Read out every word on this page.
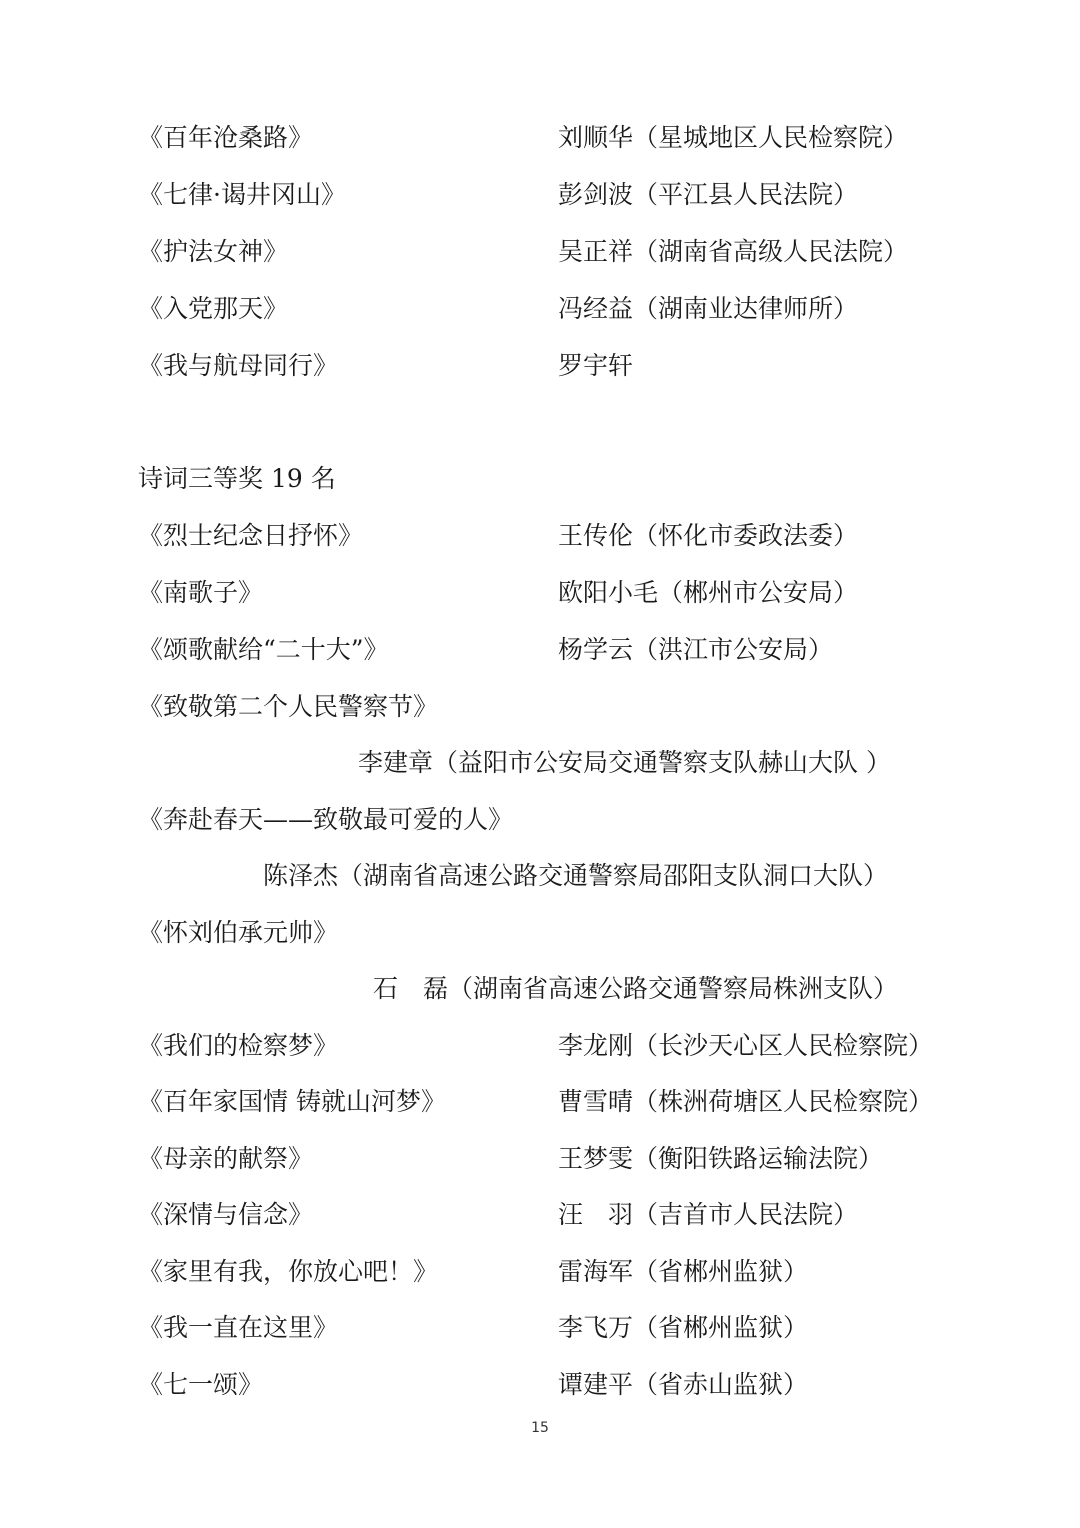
《百年沧桑路》	刘顺华（星城地区人民检察院）
《七律·谒井冈山》	彭剑波（平江县人民法院）
《护法女神》	吴正祥（湖南省高级人民法院）
《入党那天》	冯经益（湖南业达律师所）
《我与航母同行》	罗宇轩
诗词三等奖 19 名
《烈士纪念日抒怀》	王传伦（怀化市委政法委）
《南歌子》	欧阳小毛（郴州市公安局）
《颂歌献给“二十大”》	杨学云（洪江市公安局）
《致敬第二个人民警察节》
李建章（益阳市公安局交通警察支队赫山大队 ）
《奔赴春天——致敬最可爱的人》
陈泽杰（湖南省高速公路交通警察局邵阳支队洞口大队）
《怀刘伯承元帅》
石　磊（湖南省高速公路交通警察局株洲支队）
《我们的检察梦》	李龙刚（长沙天心区人民检察院）
《百年家国情 铸就山河梦》	曹雪晴（株洲荷塘区人民检察院）
《母亲的献祭》	王梦雯（衡阳铁路运输法院）
《深情与信念》	汪　羽（吉首市人民法院）
《家里有我，你放心吧！》	雷海军（省郴州监狱）
《我一直在这里》	李飞万（省郴州监狱）
《七一颂》	谭建平（省赤山监狱）
15
